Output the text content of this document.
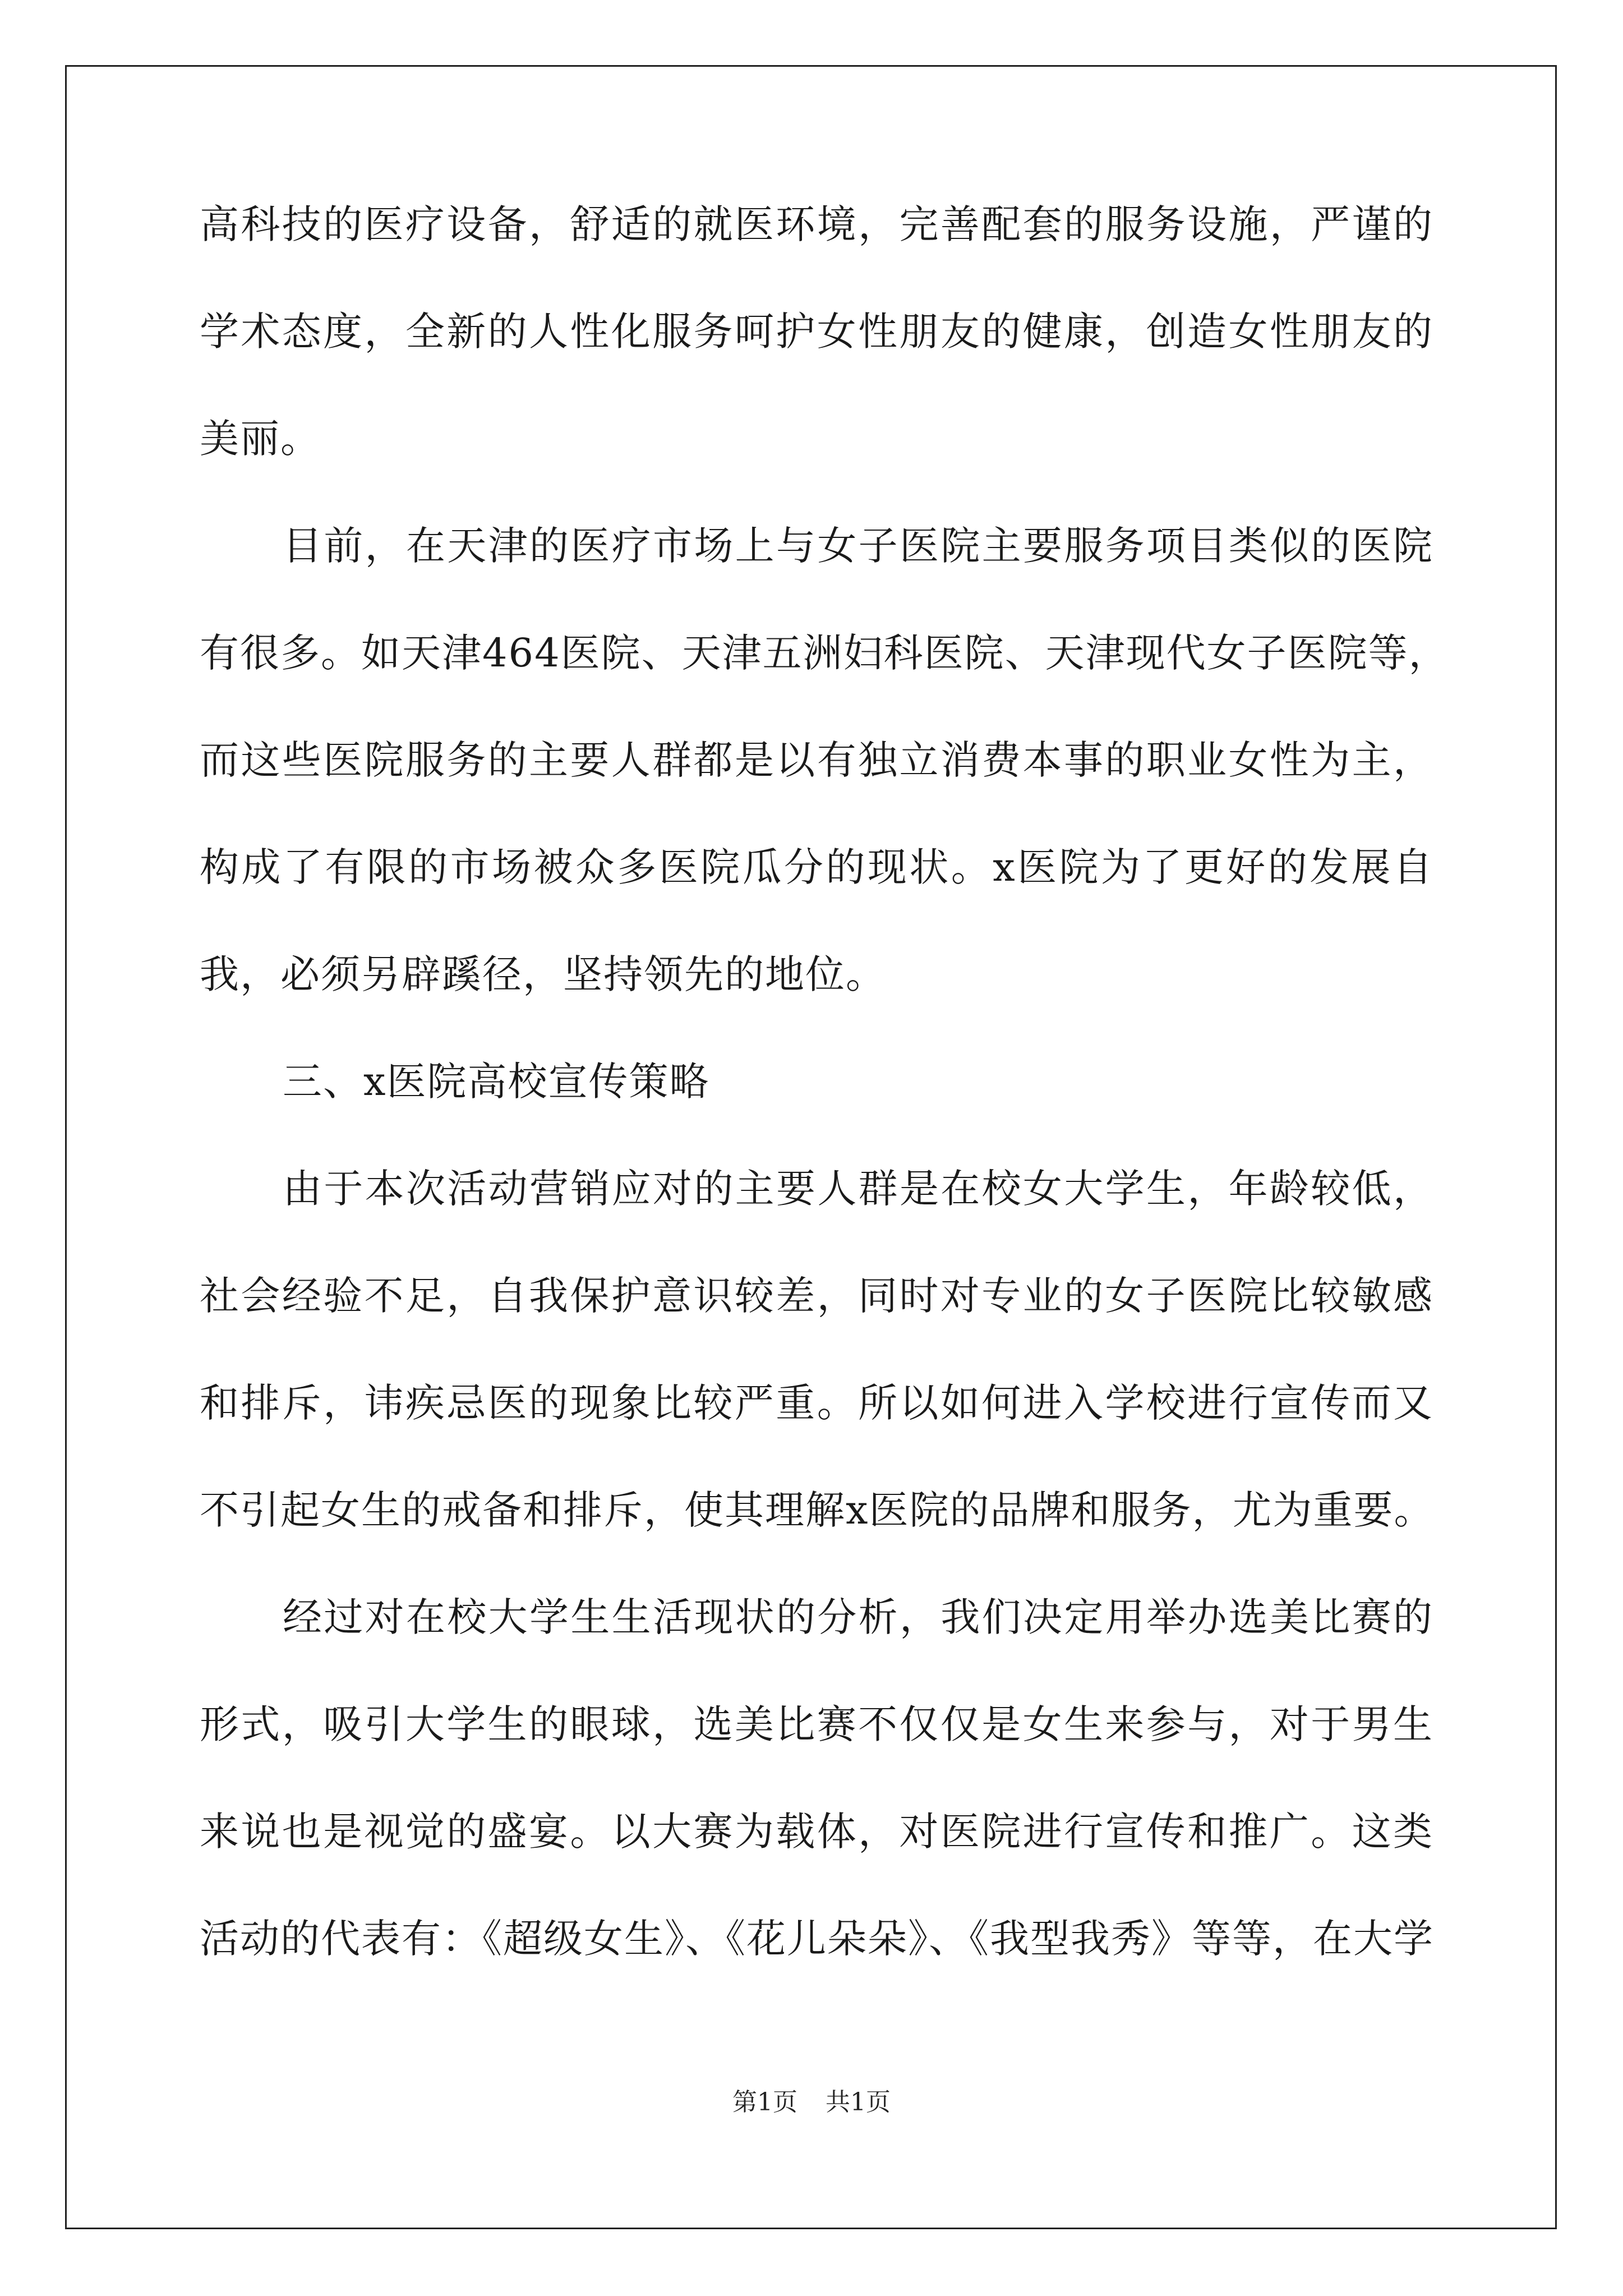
高科技的医疗设备，舒适的就医环境，完善配套的服务设施，严谨的
学术态度，全新的人性化服务呵护女性朋友的健康，创造女性朋友的
美丽。
目前，在天津的医疗市场上与女子医院主要服务项目类似的医院
有很多。如天津464医院、天津五洲妇科医院、天津现代女子医院等，
而这些医院服务的主要人群都是以有独立消费本事的职业女性为主，
构成了有限的市场被众多医院瓜分的现状。x医院为了更好的发展自
我，必须另辟蹊径，坚持领先的地位。
三、x医院高校宣传策略
由于本次活动营销应对的主要人群是在校女大学生，年龄较低，
社会经验不足，自我保护意识较差，同时对专业的女子医院比较敏感
和排斥，讳疾忌医的现象比较严重。所以如何进入学校进行宣传而又
不引起女生的戒备和排斥，使其理解x医院的品牌和服务，尤为重要。
经过对在校大学生生活现状的分析，我们决定用举办选美比赛的
形式，吸引大学生的眼球，选美比赛不仅仅是女生来参与，对于男生
来说也是视觉的盛宴。以大赛为载体，对医院进行宣传和推广。这类
活动的代表有：《超级女生》、《花儿朵朵》、《我型我秀》等等，在大学
第1页 共1页
